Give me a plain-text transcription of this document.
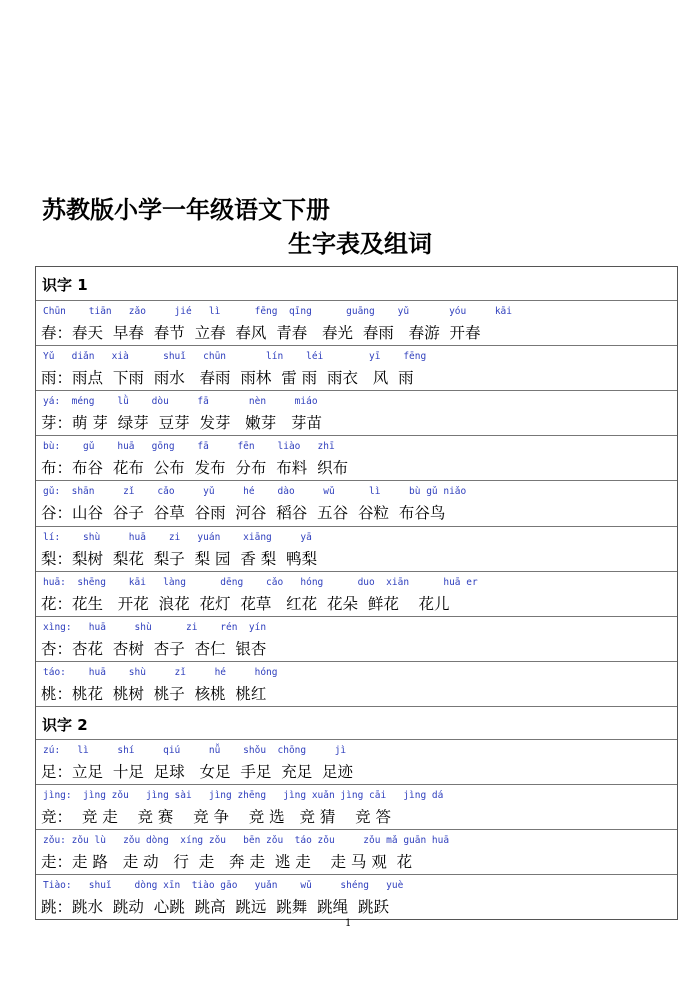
苏教版小学一年级语文下册
生字表及组词
识字 1
Chūn    tiān   zǎo     jié   lì      fēng  qīng      guāng    yǔ       yóu     kāi
春：春天  早春  春节  立春  春风  青春   春光  春雨   春游  开春
Yǔ   diǎn   xià      shuǐ   chūn       lín    léi        yī    fēng
雨：雨点  下雨  雨水   春雨  雨林  雷 雨  雨衣   风  雨
yá:  méng    lǜ    dòu     fā       nèn     miáo
芽：萌 芽  绿芽  豆芽  发芽   嫩芽   芽苗
bù:    gǔ    huā   gōng    fā     fēn    liào   zhī
布：布谷  花布  公布  发布  分布  布料  织布
gǔ:  shān     zǐ    cǎo     yǔ     hé    dào     wǔ      lì     bù gǔ niǎo
谷：山谷  谷子  谷草  谷雨  河谷  稻谷  五谷  谷粒  布谷鸟
lí:    shù     huā    zi   yuán    xiāng     yā
梨：梨树  梨花  梨子  梨 园  香 梨  鸭梨
huā:  shēng    kāi   làng      dēng    cǎo   hóng      duo  xiān      huā er
花：花生   开花  浪花  花灯  花草   红花  花朵  鲜花    花儿
xìng:   huā     shù      zi    rén  yín
杏：杏花  杏树  杏子  杏仁  银杏
táo:    huā    shù     zǐ     hé     hóng
桃：桃花  桃树  桃子  核桃  桃红
识字 2
zú:   lì     shí     qiú     nǚ    shǒu  chōng     jì
足：立足  十足  足球   女足  手足  充足  足迹
jìng:  jìng zǒu   jìng sài   jìng zhēng   jìng xuǎn jìng cāi   jìng dá
竞：  竞 走    竞 赛    竞 争    竞 选   竞 猜    竞 答
zǒu: zǒu lù   zǒu dòng  xíng zǒu   bēn zǒu  táo zǒu     zǒu mǎ guān huā
走：走 路   走 动   行  走   奔 走  逃 走    走 马 观  花
Tiào:   shuǐ    dòng xīn  tiào gāo   yuǎn    wǔ     shéng   yuè
跳：跳水  跳动  心跳  跳高  跳远  跳舞  跳绳  跳跃
1
